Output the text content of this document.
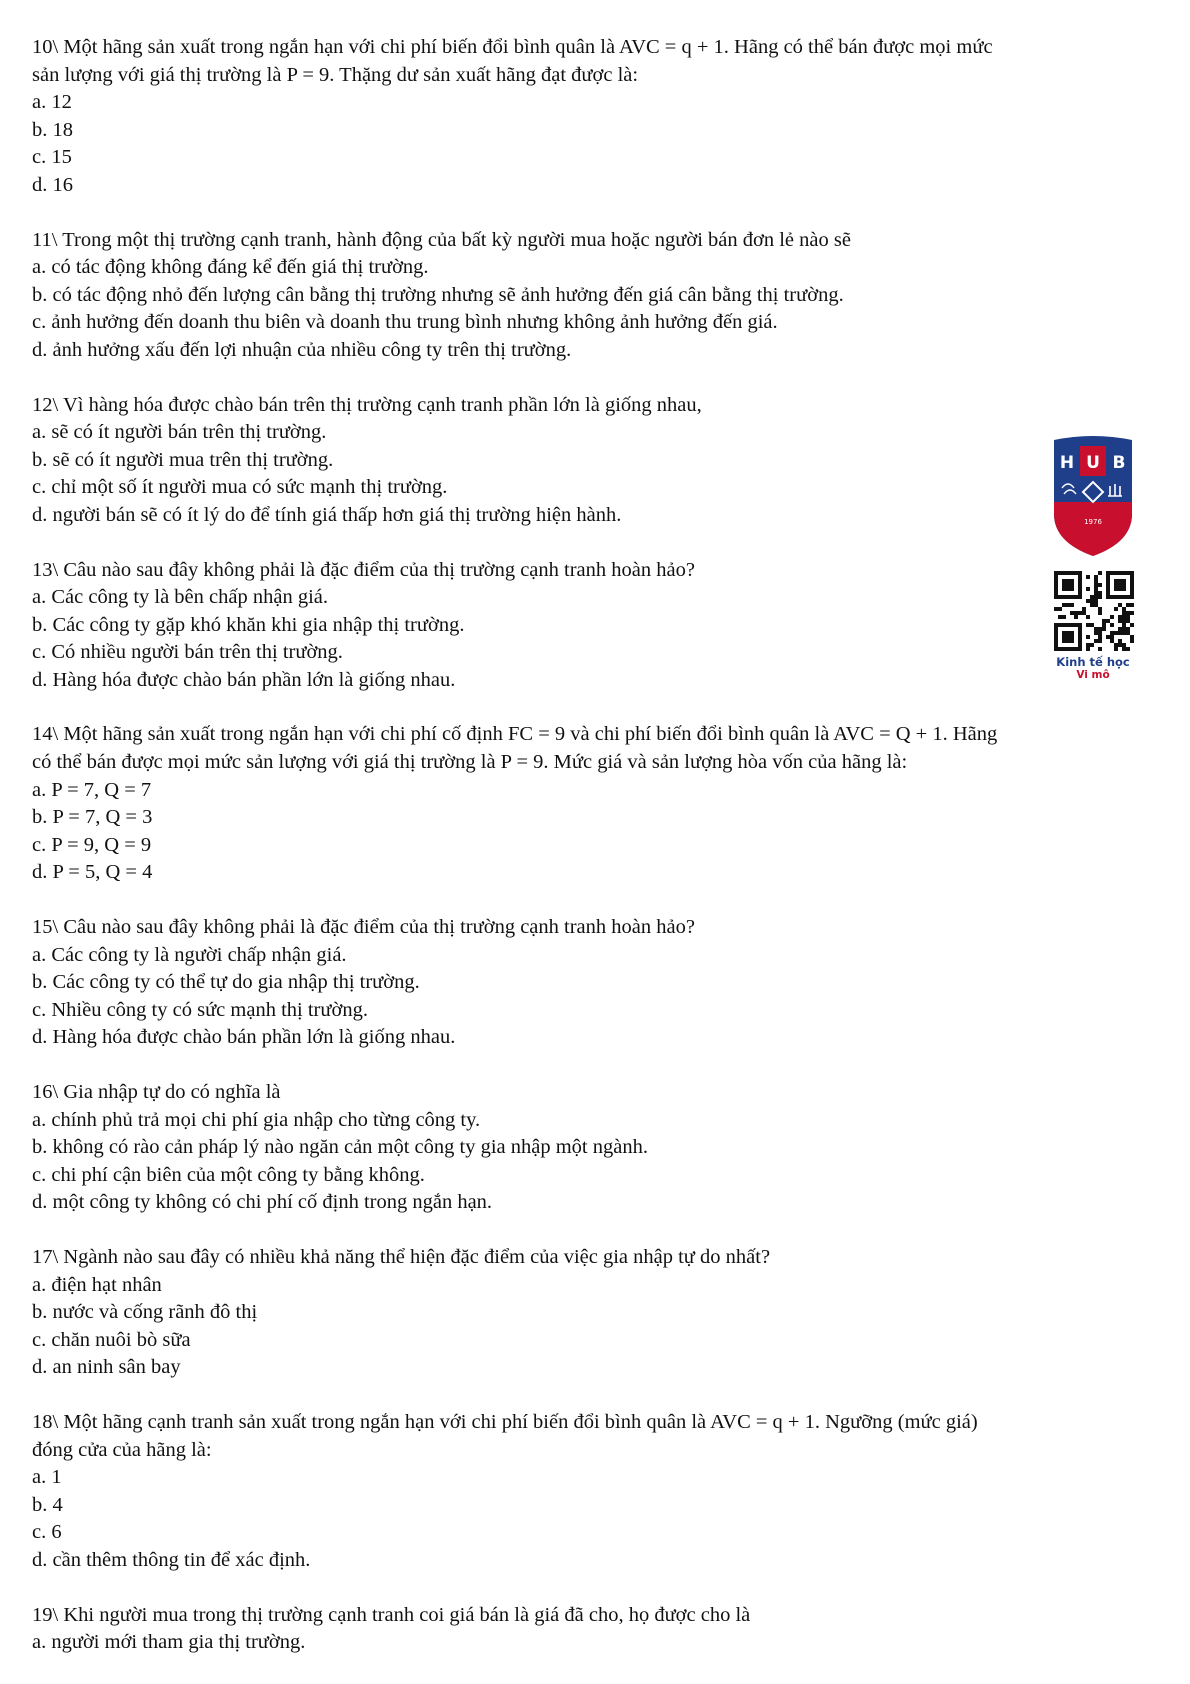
10\ Một hãng sản xuất trong ngắn hạn với chi phí biến đổi bình quân là AVC = q + 1. Hãng có thể bán được mọi mức
sản lượng với giá thị trường là P = 9. Thặng dư sản xuất hãng đạt được là:
a. 12
b. 18
c. 15
d. 16
11\ Trong một thị trường cạnh tranh, hành động của bất kỳ người mua hoặc người bán đơn lẻ nào sẽ
a. có tác động không đáng kể đến giá thị trường.
b. có tác động nhỏ đến lượng cân bằng thị trường nhưng sẽ ảnh hưởng đến giá cân bằng thị trường.
c. ảnh hưởng đến doanh thu biên và doanh thu trung bình nhưng không ảnh hưởng đến giá.
d. ảnh hưởng xấu đến lợi nhuận của nhiều công ty trên thị trường.
12\ Vì hàng hóa được chào bán trên thị trường cạnh tranh phần lớn là giống nhau,
a. sẽ có ít người bán trên thị trường.
b. sẽ có ít người mua trên thị trường.
c. chỉ một số ít người mua có sức mạnh thị trường.
d. người bán sẽ có ít lý do để tính giá thấp hơn giá thị trường hiện hành.
13\ Câu nào sau đây không phải là đặc điểm của thị trường cạnh tranh hoàn hảo?
a. Các công ty là bên chấp nhận giá.
b. Các công ty gặp khó khăn khi gia nhập thị trường.
c. Có nhiều người bán trên thị trường.
d. Hàng hóa được chào bán phần lớn là giống nhau.
14\ Một hãng sản xuất trong ngắn hạn với chi phí cố định FC = 9 và chi phí biến đổi bình quân là AVC = Q + 1. Hãng
có thể bán được mọi mức sản lượng với giá thị trường là P = 9. Mức giá và sản lượng hòa vốn của hãng là:
a. P = 7, Q = 7
b. P = 7, Q = 3
c. P = 9, Q = 9
d. P = 5, Q = 4
15\ Câu nào sau đây không phải là đặc điểm của thị trường cạnh tranh hoàn hảo?
a. Các công ty là người chấp nhận giá.
b. Các công ty có thể tự do gia nhập thị trường.
c. Nhiều công ty có sức mạnh thị trường.
d. Hàng hóa được chào bán phần lớn là giống nhau.
16\ Gia nhập tự do có nghĩa là
a. chính phủ trả mọi chi phí gia nhập cho từng công ty.
b. không có rào cản pháp lý nào ngăn cản một công ty gia nhập một ngành.
c. chi phí cận biên của một công ty bằng không.
d. một công ty không có chi phí cố định trong ngắn hạn.
17\ Ngành nào sau đây có nhiều khả năng thể hiện đặc điểm của việc gia nhập tự do nhất?
a. điện hạt nhân
b. nước và cống rãnh đô thị
c. chăn nuôi bò sữa
d. an ninh sân bay
18\ Một hãng cạnh tranh sản xuất trong ngắn hạn với chi phí biến đổi bình quân là AVC = q + 1. Ngưỡng (mức giá)
đóng cửa của hãng là:
a. 1
b. 4
c. 6
d. cần thêm thông tin để xác định.
19\ Khi người mua trong thị trường cạnh tranh coi giá bán là giá đã cho, họ được cho là
a. người mới tham gia thị trường.
H U B
1976
Kinh tế học
Vi mô
